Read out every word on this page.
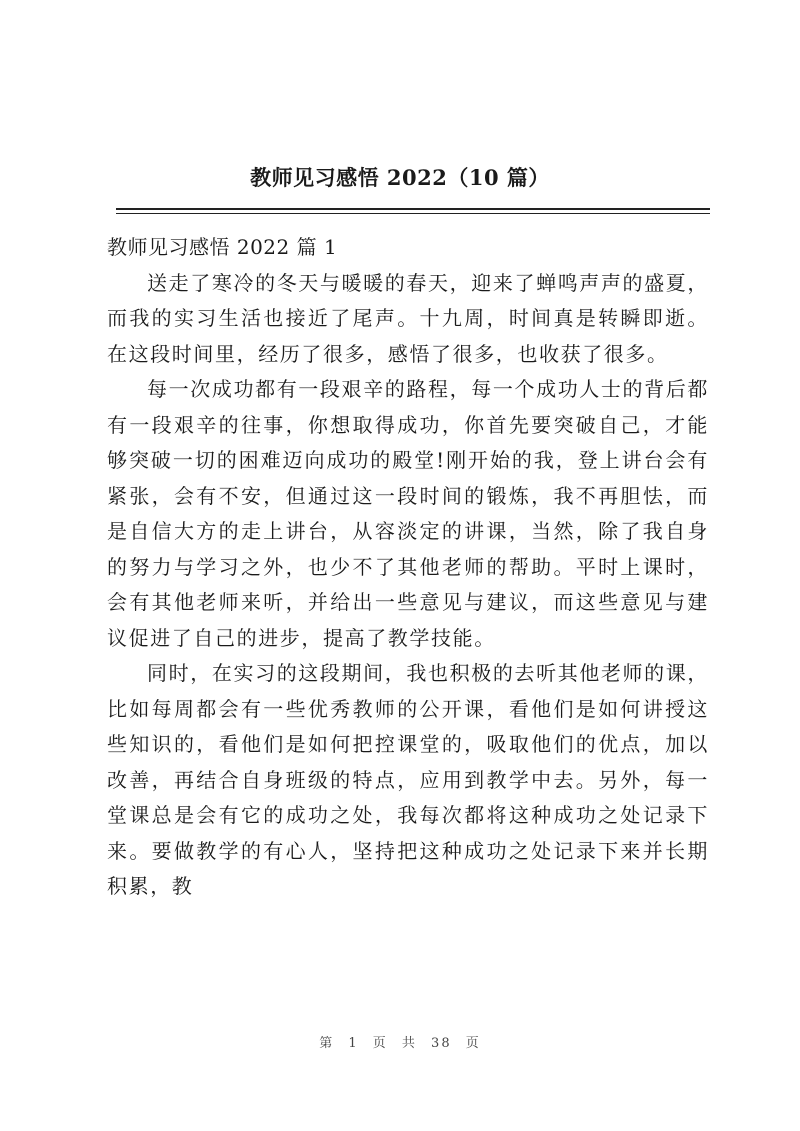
教师见习感悟 2022（10 篇）

教师见习感悟 2022 篇 1

送走了寒冷的冬天与暖暖的春天，迎来了蝉鸣声声的盛夏，而我的实习生活也接近了尾声。十九周，时间真是转瞬即逝。在这段时间里，经历了很多，感悟了很多，也收获了很多。

每一次成功都有一段艰辛的路程，每一个成功人士的背后都有一段艰辛的往事，你想取得成功，你首先要突破自己，才能够突破一切的困难迈向成功的殿堂!刚开始的我，登上讲台会有紧张，会有不安，但通过这一段时间的锻炼，我不再胆怯，而是自信大方的走上讲台，从容淡定的讲课，当然，除了我自身的努力与学习之外，也少不了其他老师的帮助。平时上课时，会有其他老师来听，并给出一些意见与建议，而这些意见与建议促进了自己的进步，提高了教学技能。

同时，在实习的这段期间，我也积极的去听其他老师的课，比如每周都会有一些优秀教师的公开课，看他们是如何讲授这些知识的，看他们是如何把控课堂的，吸取他们的优点，加以改善，再结合自身班级的特点，应用到教学中去。另外，每一堂课总是会有它的成功之处，我每次都将这种成功之处记录下来。要做教学的有心人，坚持把这种成功之处记录下来并长期积累，教

第 1 页 共 38 页
